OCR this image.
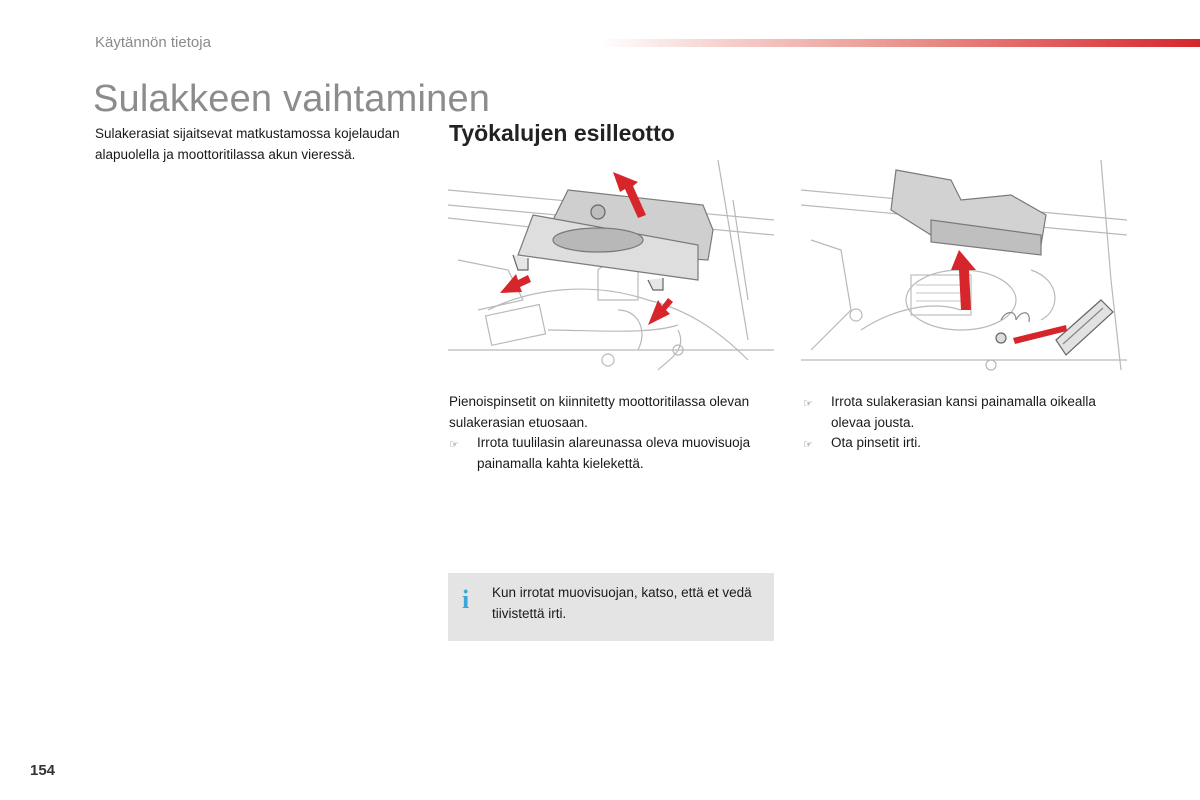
Käytännön tietoja
Sulakkeen vaihtaminen

Sulakerasiat sijaitsevat matkustamossa kojelaudan alapuolella ja moottoritilassa akun vieressä.

Työkalujen esilleotto
Pienoispinsetit on kiinnitetty moottoritilassa olevan sulakerasian etuosaan.
☞	Irrota tuulilasin alareunassa oleva muovisuoja painamalla kahta kielekettä.
☞	Irrota sulakerasian kansi painamalla oikealla olevaa jousta.
☞	Ota pinsetit irti.
i Kun irrotat muovisuojan, katso, että et vedä tiivistettä irti.

154
